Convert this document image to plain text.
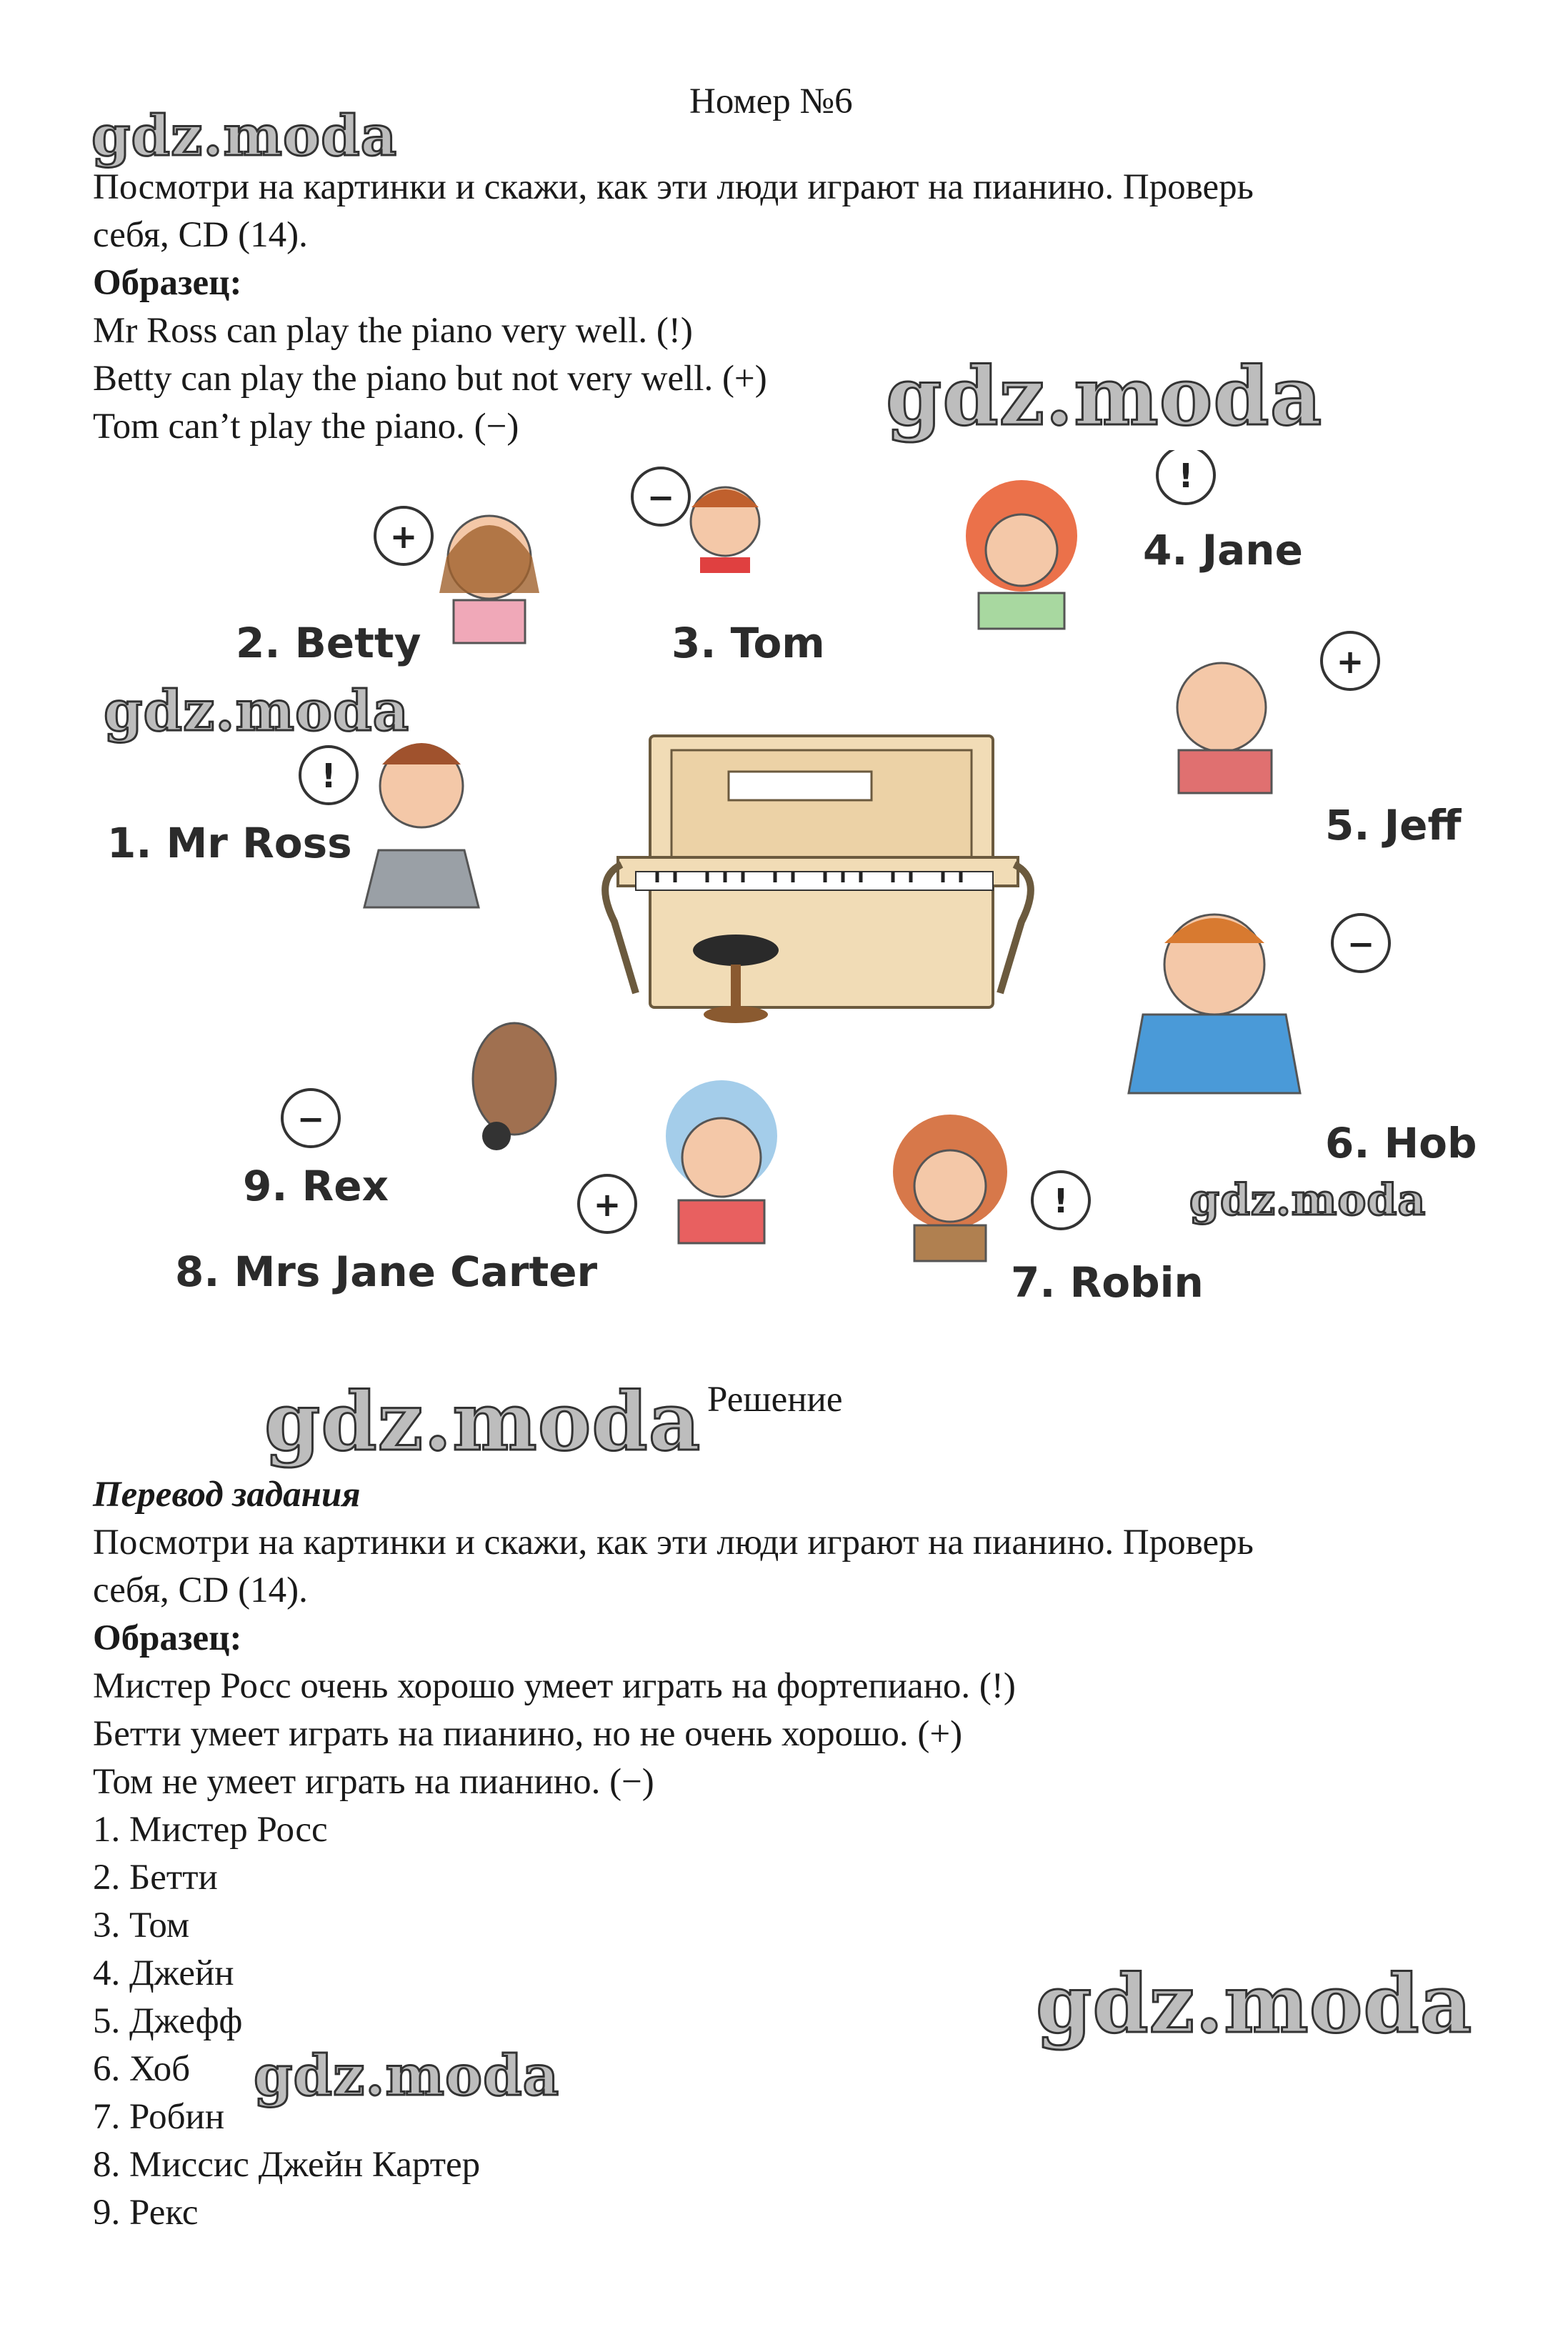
Номер №6
Посмотри на картинки и скажи, как эти люди играют на пианино. Проверь
себя, CD (14).
Образец:
Mr Ross can play the piano very well. (!)
Betty can play the piano but not very well. (+)
Tom can’t play the piano. (−)
!
+
−
!
+
−
!
+
−
1. Mr Ross
2. Betty	3. Tom
4. Jane
5. Jeff
6. Hob
7. Robin
8. Mrs Jane Carter
9. Rex
Решение
Перевод задания
Посмотри на картинки и скажи, как эти люди играют на пианино. Проверь
себя, CD (14).
Образец:
Мистер Росс очень хорошо умеет играть на фортепиано. (!)
Бетти умеет играть на пианино, но не очень хорошо. (+)
Том не умеет играть на пианино. (−)
1. Мистер Росс
2. Бетти
3. Том
4. Джейн
5. Джефф
6. Хоб
7. Робин
8. Миссис Джейн Картер
9. Рекс
gdz.moda
gdz.moda
gdz.moda
gdz.moda
gdz.moda
gdz.moda
gdz.moda
